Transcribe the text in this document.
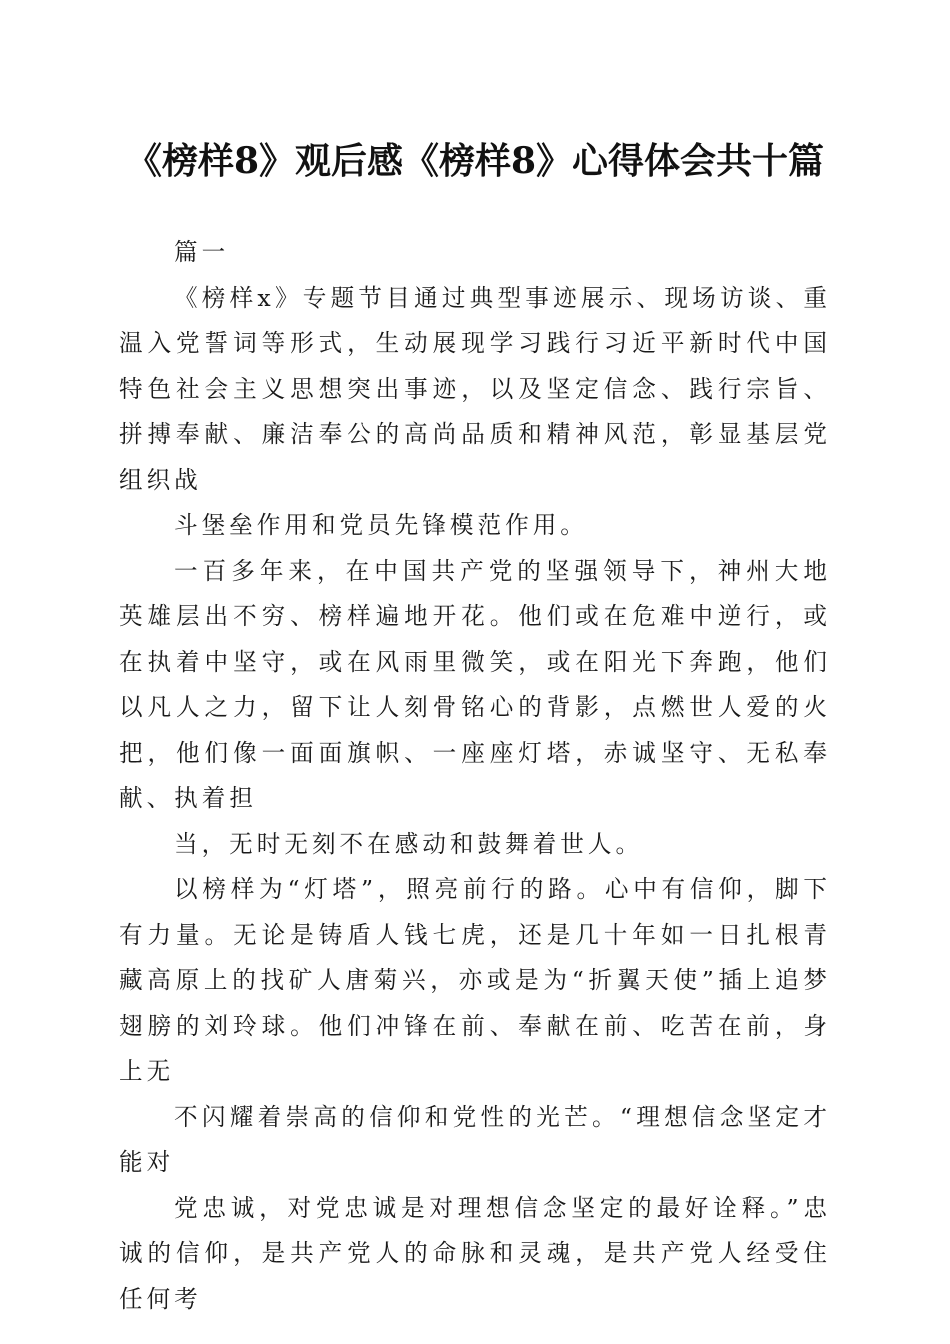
《榜样8》观后感《榜样8》心得体会共十篇

篇一

《榜样x》专题节目通过典型事迹展示、现场访谈、重温入党誓词等形式，生动展现学习践行习近平新时代中国特色社会主义思想突出事迹，以及坚定信念、践行宗旨、拼搏奉献、廉洁奉公的高尚品质和精神风范，彰显基层党组织战

斗堡垒作用和党员先锋模范作用。

一百多年来，在中国共产党的坚强领导下，神州大地英雄层出不穷、榜样遍地开花。他们或在危难中逆行，或在执着中坚守，或在风雨里微笑，或在阳光下奔跑，他们以凡人之力，留下让人刻骨铭心的背影，点燃世人爱的火把，他们像一面面旗帜、一座座灯塔，赤诚坚守、无私奉献、执着担

当，无时无刻不在感动和鼓舞着世人。

以榜样为“灯塔”，照亮前行的路。心中有信仰，脚下有力量。无论是铸盾人钱七虎，还是几十年如一日扎根青藏高原上的找矿人唐菊兴，亦或是为“折翼天使”插上追梦翅膀的刘玲球。他们冲锋在前、奉献在前、吃苦在前，身上无

不闪耀着崇高的信仰和党性的光芒。“理想信念坚定才能对

党忠诚，对党忠诚是对理想信念坚定的最好诠释。”忠诚的信仰，是共产党人的命脉和灵魂，是共产党人经受住任何考
